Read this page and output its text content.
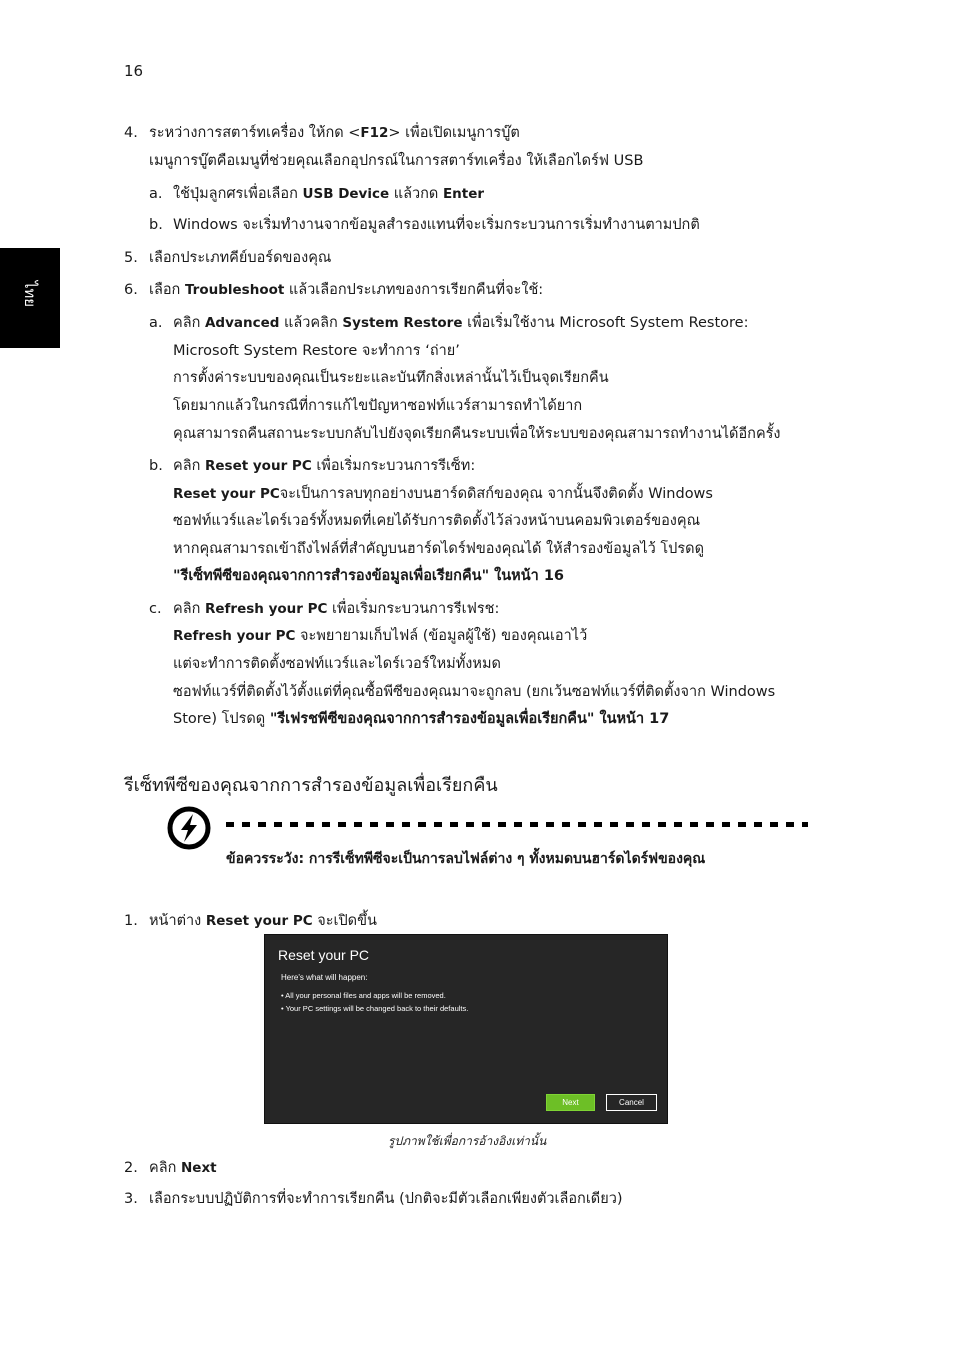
16
ไทย
4. ระหว่างการสตาร์ทเครื่อง ให้กด <F12> เพื่อเปิดเมนูการบู๊ต
เมนูการบู๊ตคือเมนูที่ช่วยคุณเลือกอุปกรณ์ในการสตาร์ทเครื่อง ให้เลือกไดร์ฟ USB
a. ใช้ปุ่มลูกศรเพื่อเลือก USB Device แล้วกด Enter
b. Windows จะเริ่มทำงานจากข้อมูลสำรองแทนที่จะเริ่มกระบวนการเริ่มทำงานตามปกติ
5. เลือกประเภทคีย์บอร์ดของคุณ
6. เลือก Troubleshoot แล้วเลือกประเภทของการเรียกคืนที่จะใช้:
a. คลิก Advanced แล้วคลิก System Restore เพื่อเริ่มใช้งาน Microsoft System Restore:
Microsoft System Restore จะทำการ ‘ถ่าย’
การตั้งค่าระบบของคุณเป็นระยะและบันทึกสิ่งเหล่านั้นไว้เป็นจุดเรียกคืน
โดยมากแล้วในกรณีที่การแก้ไขปัญหาซอฟท์แวร์สามารถทำได้ยาก
คุณสามารถคืนสถานะระบบกลับไปยังจุดเรียกคืนระบบเพื่อให้ระบบของคุณสามารถทำงานได้อีกครั้ง
b. คลิก Reset your PC เพื่อเริ่มกระบวนการรีเซ็ท:
Reset your PCจะเป็นการลบทุกอย่างบนฮาร์ดดิสก์ของคุณ จากนั้นจึงติดตั้ง Windows
ซอฟท์แวร์และไดร์เวอร์ทั้งหมดที่เคยได้รับการติดตั้งไว้ล่วงหน้าบนคอมพิวเตอร์ของคุณ
หากคุณสามารถเข้าถึงไฟล์ที่สำคัญบนฮาร์ดไดร์ฟของคุณได้ ให้สำรองข้อมูลไว้ โปรดดู
"รีเซ็ทพีซีของคุณจากการสำรองข้อมูลเพื่อเรียกคืน" ในหน้า 16
c. คลิก Refresh your PC เพื่อเริ่มกระบวนการรีเฟรช:
Refresh your PC จะพยายามเก็บไฟล์ (ข้อมูลผู้ใช้) ของคุณเอาไว้
แต่จะทำการติดตั้งซอฟท์แวร์และไดร์เวอร์ใหม่ทั้งหมด
ซอฟท์แวร์ที่ติดตั้งไว้ตั้งแต่ที่คุณซื้อพีซีของคุณมาจะถูกลบ (ยกเว้นซอฟท์แวร์ที่ติดตั้งจาก Windows
Store) โปรดดู "รีเฟรชพีซีของคุณจากการสำรองข้อมูลเพื่อเรียกคืน" ในหน้า 17
รีเซ็ทพีซีของคุณจากการสำรองข้อมูลเพื่อเรียกคืน
ข้อควรระวัง: การรีเซ็ทพีซีจะเป็นการลบไฟล์ต่าง ๆ ทั้งหมดบนฮาร์ดไดร์ฟของคุณ
1. หน้าต่าง Reset your PC จะเปิดขึ้น
Reset your PC
Here's what will happen:
• All your personal files and apps will be removed.
• Your PC settings will be changed back to their defaults.
Next	Cancel
รูปภาพใช้เพื่อการอ้างอิงเท่านั้น
2. คลิก Next
3. เลือกระบบปฏิบัติการที่จะทำการเรียกคืน (ปกติจะมีตัวเลือกเพียงตัวเลือกเดียว)
